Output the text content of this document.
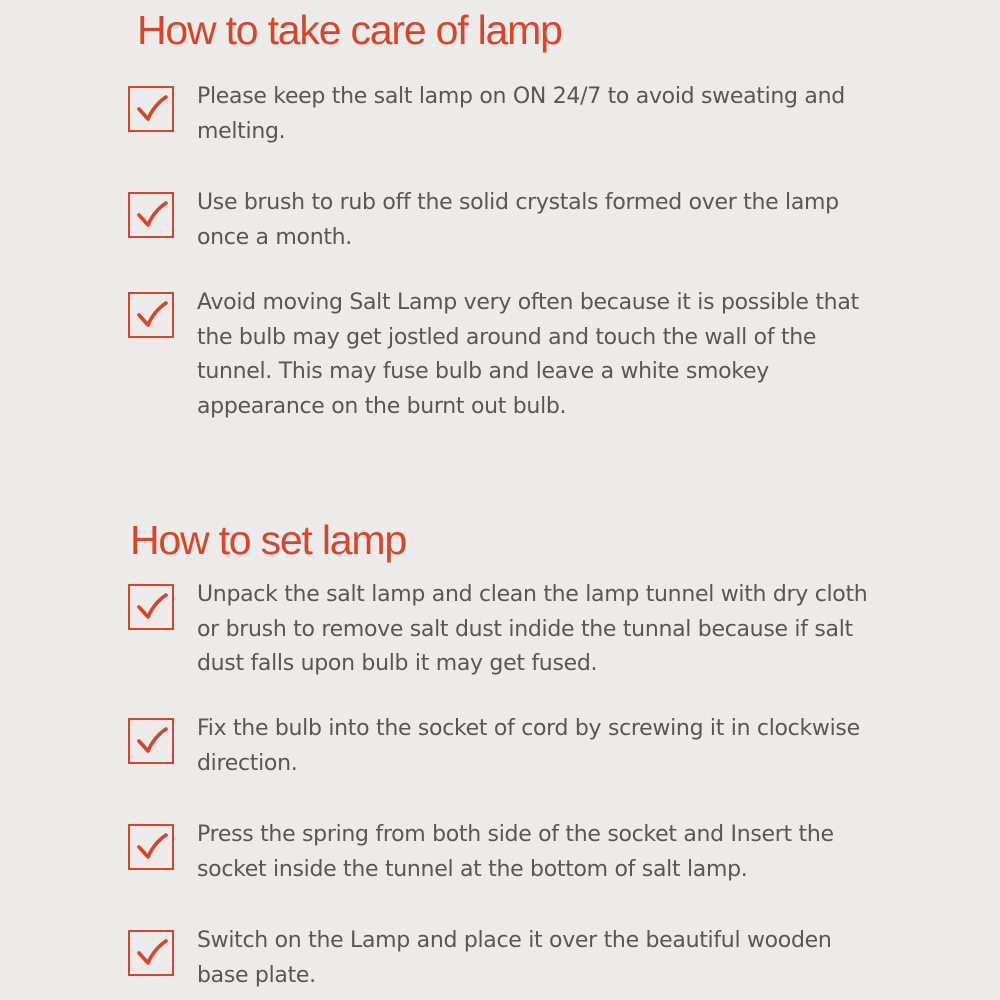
How to take care of lamp

Please keep the salt lamp on ON 24/7 to avoid sweating and melting.

Use brush to rub off the solid crystals formed over the lamp once a month.

Avoid moving Salt Lamp very often because it is possible that the bulb may get jostled around and touch the wall of the tunnel. This may fuse bulb and leave a white smokey appearance on the burnt out bulb.

How to set lamp

Unpack the salt lamp and clean the lamp tunnel with dry cloth or brush to remove salt dust indide the tunnal because if salt dust falls upon bulb it may get fused.

Fix the bulb into the socket of cord by screwing it in clockwise direction.

Press the spring from both side of the socket and Insert the socket inside the tunnel at the bottom of salt lamp.

Switch on the Lamp and place it over the beautiful wooden base plate.
